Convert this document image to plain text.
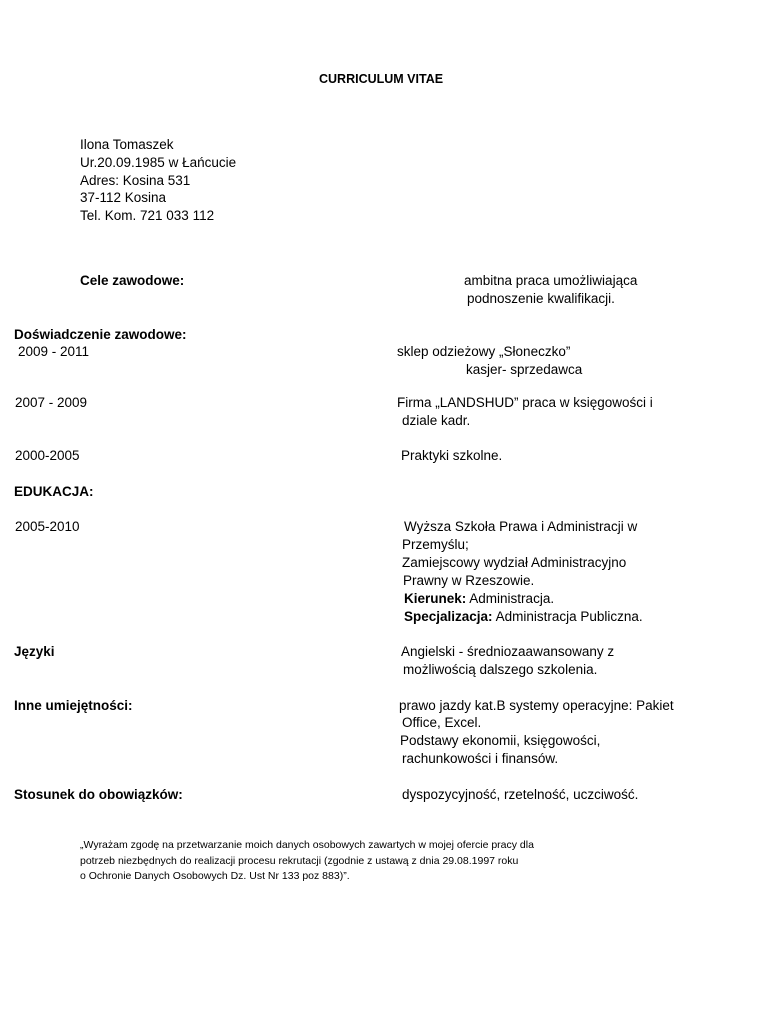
CURRICULUM VITAE
Ilona Tomaszek
Ur.20.09.1985 w Łańcucie
Adres: Kosina 531
37-112 Kosina
Tel. Kom. 721 033 112
Cele zawodowe:	ambitna praca umożliwiająca
podnoszenie kwalifikacji.
Doświadczenie zawodowe:
2009 - 2011	sklep odzieżowy „Słoneczko”
kasjer- sprzedawca
2007 - 2009	Firma „LANDSHUD” praca w księgowości i
dziale kadr.
2000-2005	Praktyki szkolne.
EDUKACJA:
2005-2010	Wyższa Szkoła Prawa i Administracji w
Przemyślu;
Zamiejscowy wydział Administracyjno
Prawny w Rzeszowie.
Kierunek: Administracja.
Specjalizacja: Administracja Publiczna.
Języki	Angielski - średniozaawansowany z
możliwością dalszego szkolenia.
Inne umiejętności:	prawo jazdy kat.B systemy operacyjne: Pakiet
Office, Excel.
Podstawy ekonomii, księgowości,
rachunkowości i finansów.
Stosunek do obowiązków:	dyspozycyjność, rzetelność, uczciwość.
„Wyrażam zgodę na przetwarzanie moich danych osobowych zawartych w mojej ofercie pracy dla
potrzeb niezbędnych do realizacji procesu rekrutacji (zgodnie z ustawą z dnia 29.08.1997 roku
o Ochronie Danych Osobowych Dz. Ust Nr 133 poz 883)”.
